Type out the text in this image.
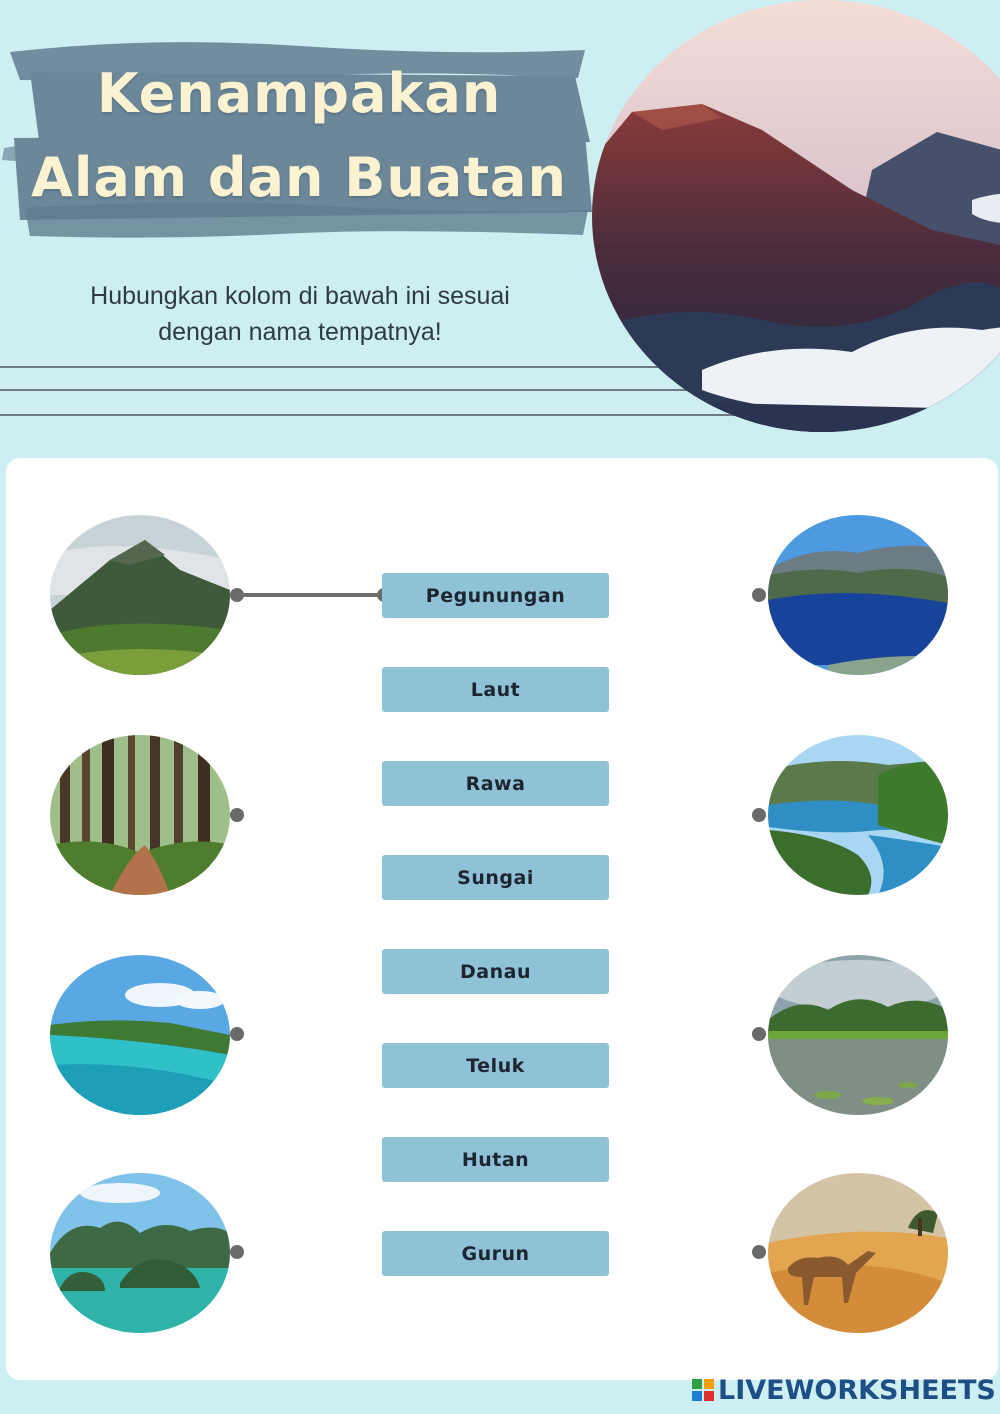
Kenampakan
Alam dan Buatan
Hubungkan kolom di bawah ini sesuai
dengan nama tempatnya!
Pegunungan
Laut
Rawa
Sungai
Danau
Teluk
Hutan
Gurun
LIVEWORKSHEETS
